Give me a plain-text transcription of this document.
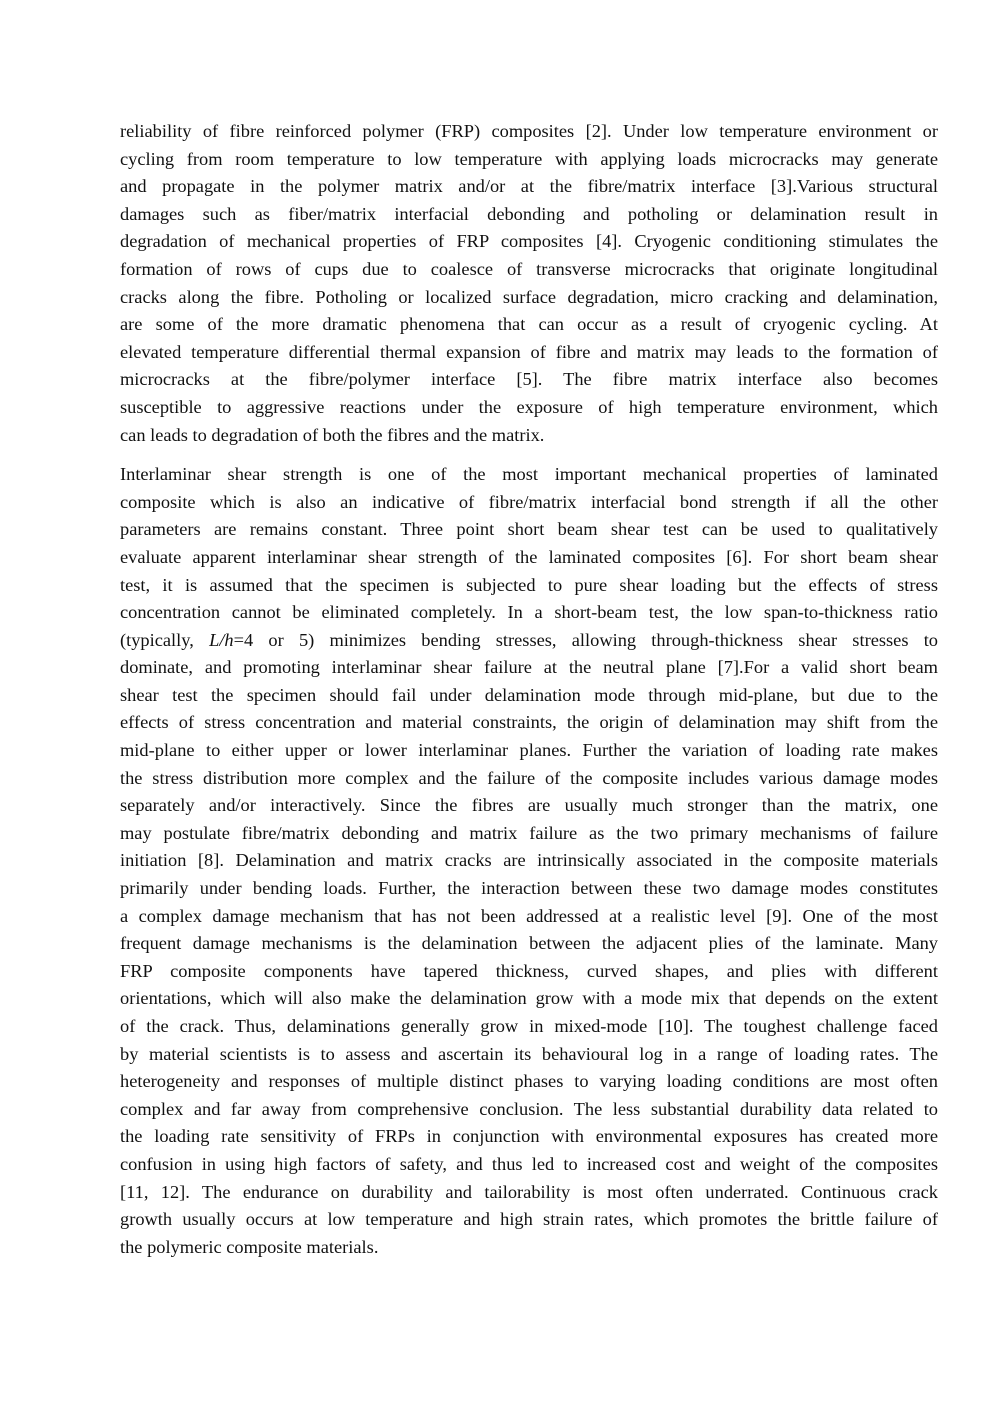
reliability of fibre reinforced polymer (FRP) composites [2]. Under low temperature environment or
cycling from room temperature to low temperature with applying loads microcracks may generate
and propagate in the polymer matrix and/or at the fibre/matrix interface [3].Various structural
damages such as fiber/matrix interfacial debonding and potholing or delamination result in
degradation of mechanical properties of FRP composites [4]. Cryogenic conditioning stimulates the
formation of rows of cups due to coalesce of transverse microcracks that originate longitudinal
cracks along the fibre. Potholing or localized surface degradation, micro cracking and delamination,
are some of the more dramatic phenomena that can occur as a result of cryogenic cycling. At
elevated temperature differential thermal expansion of fibre and matrix may leads to the formation of
microcracks at the fibre/polymer interface [5]. The fibre matrix interface also becomes
susceptible to aggressive reactions under the exposure of high temperature environment, which
can leads to degradation of both the fibres and the matrix.
Interlaminar shear strength is one of the most important mechanical properties of laminated
composite which is also an indicative of fibre/matrix interfacial bond strength if all the other
parameters are remains constant. Three point short beam shear test can be used to qualitatively
evaluate apparent interlaminar shear strength of the laminated composites [6]. For short beam shear
test, it is assumed that the specimen is subjected to pure shear loading but the effects of stress
concentration cannot be eliminated completely. In a short-beam test, the low span-to-thickness ratio
(typically, L/h=4 or 5) minimizes bending stresses, allowing through-thickness shear stresses to
dominate, and promoting interlaminar shear failure at the neutral plane [7].For a valid short beam
shear test the specimen should fail under delamination mode through mid-plane, but due to the
effects of stress concentration and material constraints, the origin of delamination may shift from the
mid-plane to either upper or lower interlaminar planes. Further the variation of loading rate makes
the stress distribution more complex and the failure of the composite includes various damage modes
separately and/or interactively. Since the fibres are usually much stronger than the matrix, one
may postulate fibre/matrix debonding and matrix failure as the two primary mechanisms of failure
initiation [8]. Delamination and matrix cracks are intrinsically associated in the composite materials
primarily under bending loads. Further, the interaction between these two damage modes constitutes
a complex damage mechanism that has not been addressed at a realistic level [9]. One of the most
frequent damage mechanisms is the delamination between the adjacent plies of the laminate. Many
FRP composite components have tapered thickness, curved shapes, and plies with different
orientations, which will also make the delamination grow with a mode mix that depends on the extent
of the crack. Thus, delaminations generally grow in mixed-mode [10]. The toughest challenge faced
by material scientists is to assess and ascertain its behavioural log in a range of loading rates. The
heterogeneity and responses of multiple distinct phases to varying loading conditions are most often
complex and far away from comprehensive conclusion. The less substantial durability data related to
the loading rate sensitivity of FRPs in conjunction with environmental exposures has created more
confusion in using high factors of safety, and thus led to increased cost and weight of the composites
[11, 12]. The endurance on durability and tailorability is most often underrated. Continuous crack
growth usually occurs at low temperature and high strain rates, which promotes the brittle failure of
the polymeric composite materials.
